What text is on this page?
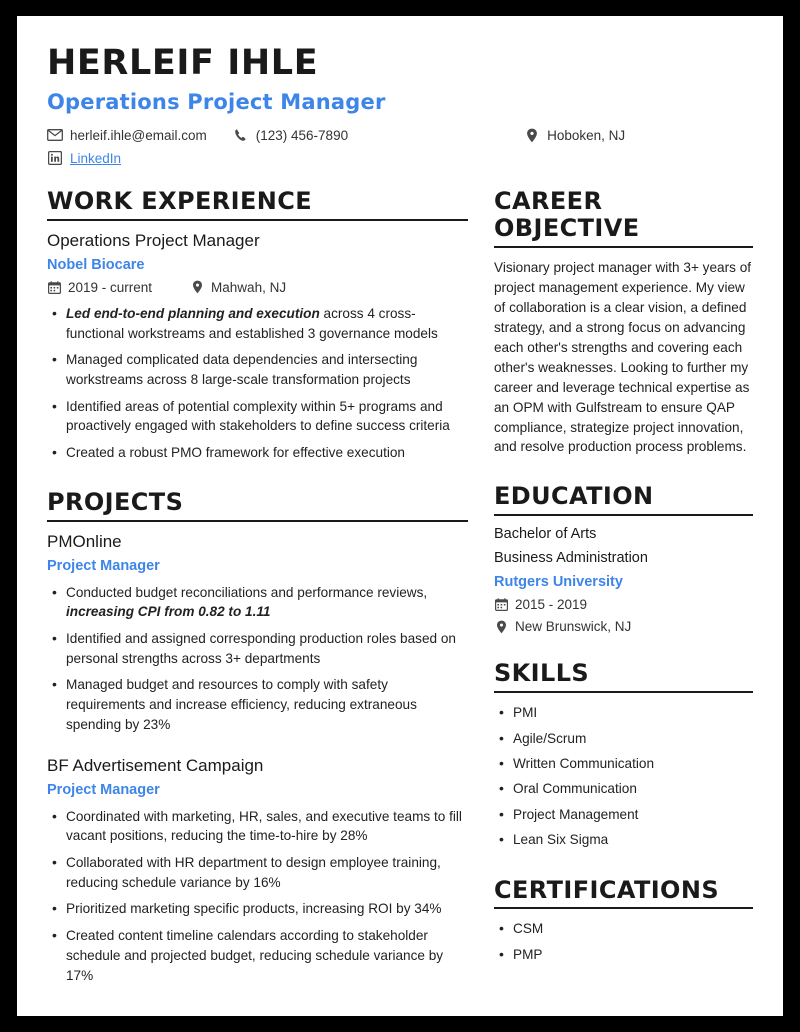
HERLEIF IHLE
Operations Project Manager
herleif.ihle@email.com	(123) 456-7890	Hoboken, NJ
LinkedIn
WORK EXPERIENCE
Operations Project Manager
Nobel Biocare
2019 - current	Mahwah, NJ
• Led end-to-end planning and execution across 4 cross-functional workstreams and established 3 governance models
• Managed complicated data dependencies and intersecting workstreams across 8 large-scale transformation projects
• Identified areas of potential complexity within 5+ programs and proactively engaged with stakeholders to define success criteria
• Created a robust PMO framework for effective execution
PROJECTS
PMOnline
Project Manager
• Conducted budget reconciliations and performance reviews, increasing CPI from 0.82 to 1.11
• Identified and assigned corresponding production roles based on personal strengths across 3+ departments
• Managed budget and resources to comply with safety requirements and increase efficiency, reducing extraneous spending by 23%
BF Advertisement Campaign
Project Manager
• Coordinated with marketing, HR, sales, and executive teams to fill vacant positions, reducing the time-to-hire by 28%
• Collaborated with HR department to design employee training, reducing schedule variance by 16%
• Prioritized marketing specific products, increasing ROI by 34%
• Created content timeline calendars according to stakeholder schedule and projected budget, reducing schedule variance by 17%
CAREER OBJECTIVE
Visionary project manager with 3+ years of project management experience. My view of collaboration is a clear vision, a defined strategy, and a strong focus on advancing each other's strengths and covering each other's weaknesses. Looking to further my career and leverage technical expertise as an OPM with Gulfstream to ensure QAP compliance, strategize project innovation, and resolve production process problems.
EDUCATION
Bachelor of Arts
Business Administration
Rutgers University
2015 - 2019
New Brunswick, NJ
SKILLS
• PMI
• Agile/Scrum
• Written Communication
• Oral Communication
• Project Management
• Lean Six Sigma
CERTIFICATIONS
• CSM
• PMP
